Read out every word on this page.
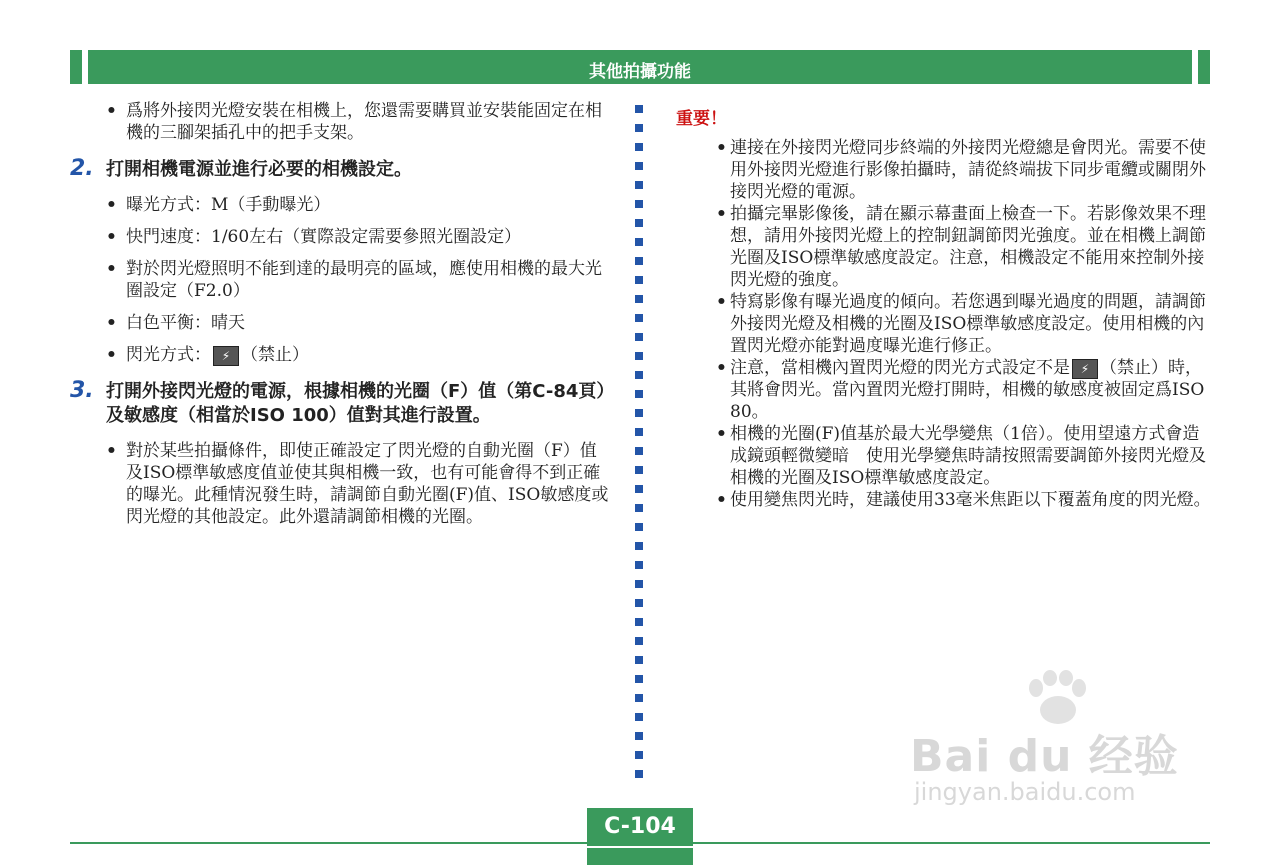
其他拍攝功能
• 爲將外接閃光燈安裝在相機上，您還需要購買並安裝能固定在相機的三腳架插孔中的把手支架。
2. 打開相機電源並進行必要的相機設定。
• 曝光方式：M（手動曝光）
• 快門速度：1/60左右（實際設定需要參照光圈設定）
• 對於閃光燈照明不能到達的最明亮的區域，應使用相機的最大光圈設定（F2.0）
• 白色平衡：晴天
• 閃光方式： ⚡ （禁止）
3. 打開外接閃光燈的電源，根據相機的光圈（F）值（第C-84頁）及敏感度（相當於ISO 100）值對其進行設置。
• 對於某些拍攝條件，即使正確設定了閃光燈的自動光圈（F）值及ISO標準敏感度值並使其與相機一致，也有可能會得不到正確的曝光。此種情況發生時，請調節自動光圈(F)值、ISO敏感度或閃光燈的其他設定。此外還請調節相機的光圈。
重要！
• 連接在外接閃光燈同步終端的外接閃光燈總是會閃光。需要不使用外接閃光燈進行影像拍攝時，請從終端拔下同步電纜或關閉外接閃光燈的電源。
• 拍攝完畢影像後，請在顯示幕畫面上檢查一下。若影像效果不理想，請用外接閃光燈上的控制鈕調節閃光強度。並在相機上調節光圈及ISO標準敏感度設定。注意，相機設定不能用來控制外接閃光燈的強度。
• 特寫影像有曝光過度的傾向。若您遇到曝光過度的問題，請調節外接閃光燈及相機的光圈及ISO標準敏感度設定。使用相機的內置閃光燈亦能對過度曝光進行修正。
• 注意，當相機內置閃光燈的閃光方式設定不是 ⚡ （禁止）時，其將會閃光。當內置閃光燈打開時，相機的敏感度被固定爲ISO 80。
• 相機的光圈(F)值基於最大光學變焦（1倍）。使用望遠方式會造成鏡頭輕微變暗　使用光學變焦時請按照需要調節外接閃光燈及相機的光圈及ISO標準敏感度設定。
• 使用變焦閃光時，建議使用33毫米焦距以下覆蓋角度的閃光燈。
Bai du 经验
jingyan.baidu.com
C-104
